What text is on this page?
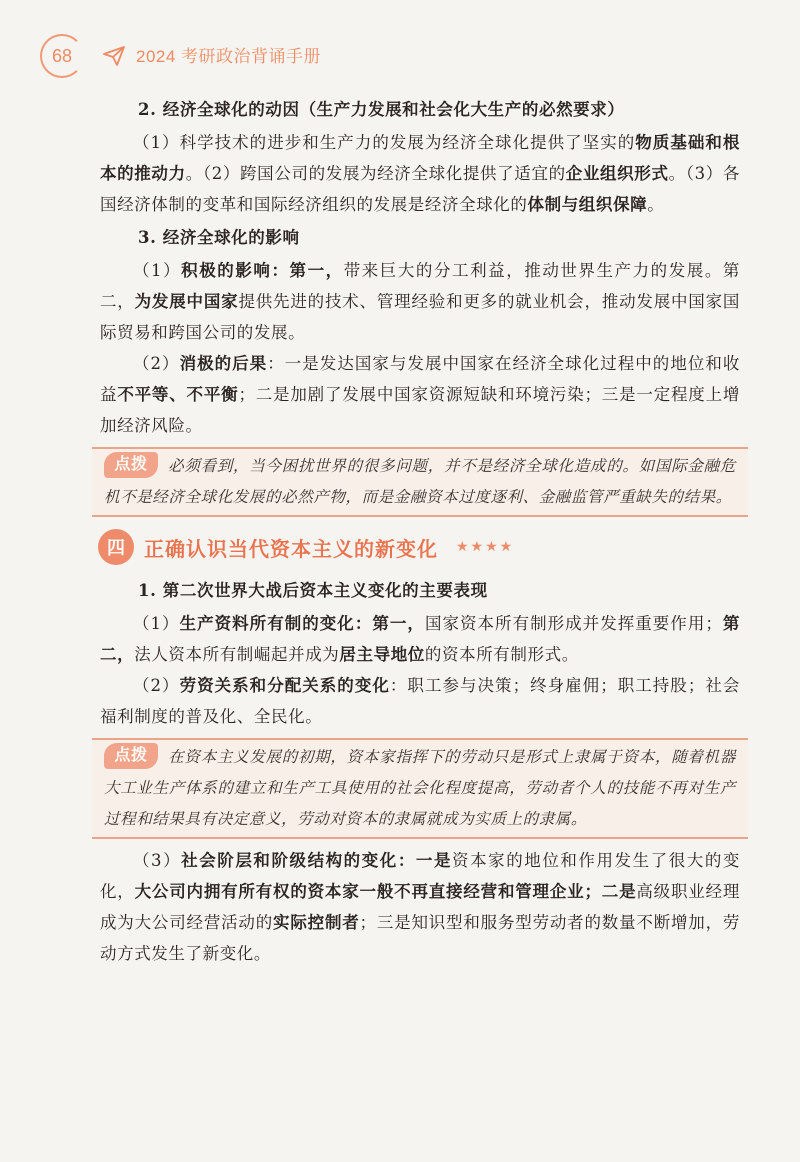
68	2024 考研政治背诵手册

2. 经济全球化的动因（生产力发展和社会化大生产的必然要求）

（1）科学技术的进步和生产力的发展为经济全球化提供了坚实的物质基础和根本的推动力。（2）跨国公司的发展为经济全球化提供了适宜的企业组织形式。（3）各国经济体制的变革和国际经济组织的发展是经济全球化的体制与组织保障。

3. 经济全球化的影响

（1）积极的影响：第一，带来巨大的分工利益，推动世界生产力的发展。第二，为发展中国家提供先进的技术、管理经验和更多的就业机会，推动发展中国家国际贸易和跨国公司的发展。

（2）消极的后果：一是发达国家与发展中国家在经济全球化过程中的地位和收益不平等、不平衡；二是加剧了发展中国家资源短缺和环境污染；三是一定程度上增加经济风险。

点拨 必须看到，当今困扰世界的很多问题，并不是经济全球化造成的。如国际金融危机不是经济全球化发展的必然产物，而是金融资本过度逐利、金融监管严重缺失的结果。

四 正确认识当代资本主义的新变化 ★★★★

1. 第二次世界大战后资本主义变化的主要表现

（1）生产资料所有制的变化：第一，国家资本所有制形成并发挥重要作用；第二，法人资本所有制崛起并成为居主导地位的资本所有制形式。

（2）劳资关系和分配关系的变化：职工参与决策；终身雇佣；职工持股；社会福利制度的普及化、全民化。

点拨 在资本主义发展的初期，资本家指挥下的劳动只是形式上隶属于资本，随着机器大工业生产体系的建立和生产工具使用的社会化程度提高，劳动者个人的技能不再对生产过程和结果具有决定意义，劳动对资本的隶属就成为实质上的隶属。

（3）社会阶层和阶级结构的变化：一是资本家的地位和作用发生了很大的变化，大公司内拥有所有权的资本家一般不再直接经营和管理企业；二是高级职业经理成为大公司经营活动的实际控制者；三是知识型和服务型劳动者的数量不断增加，劳动方式发生了新变化。
